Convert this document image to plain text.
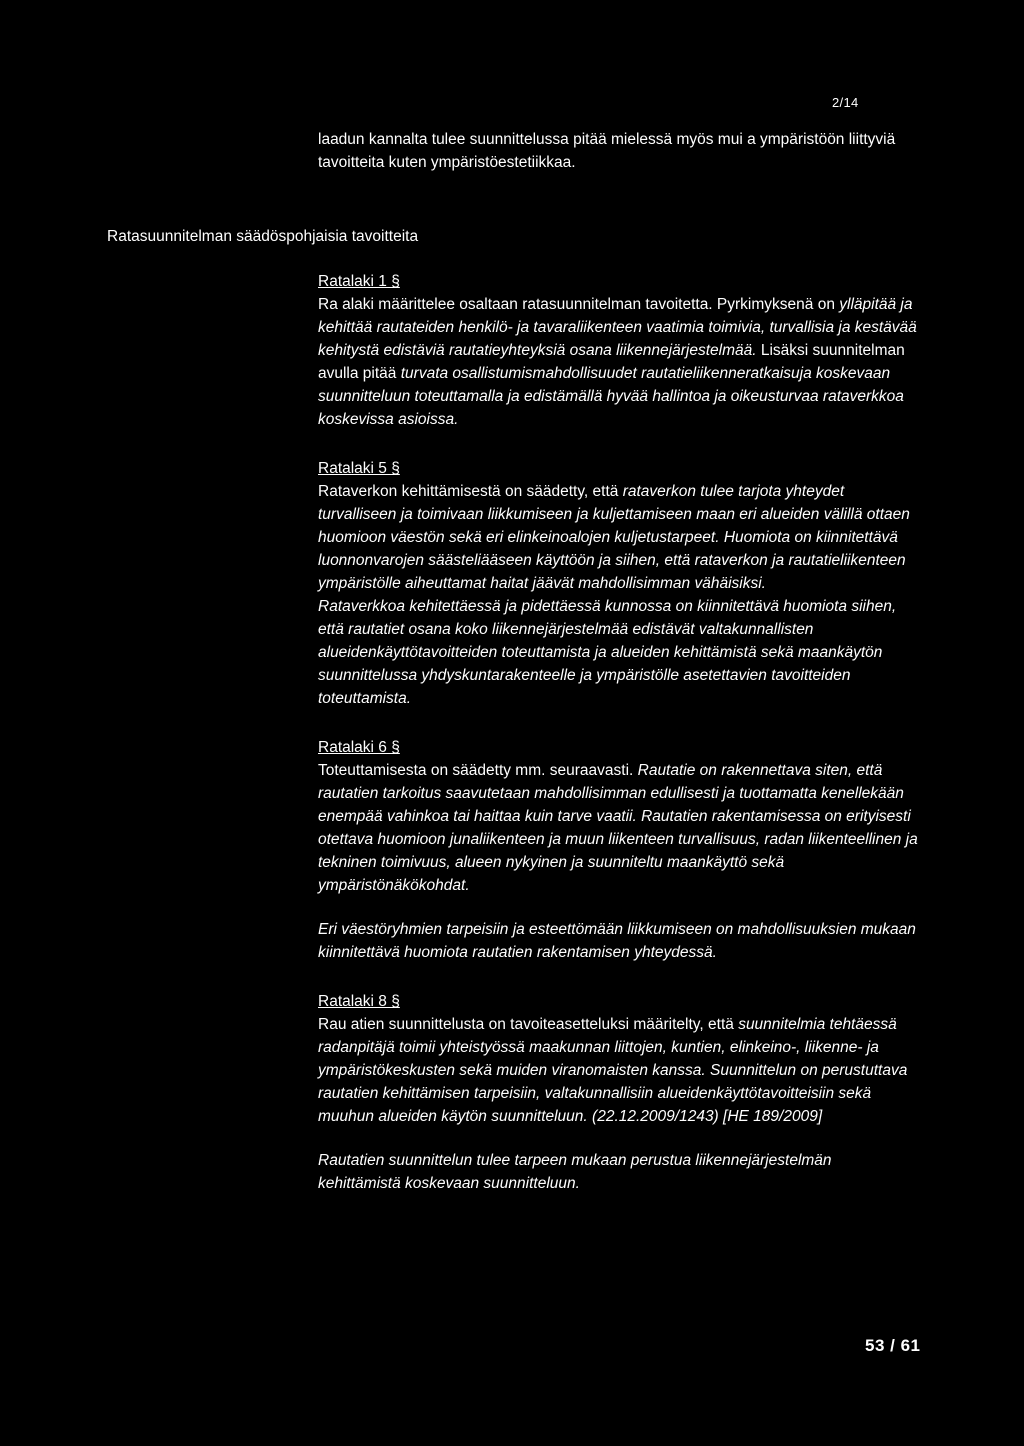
2/14
laadun kannalta tulee suunnittelussa pitää mielessä myös mui a ympäristöön liittyviä tavoitteita kuten ympäristöestetiikkaa.
Ratasuunnitelman säädöspohjaisia tavoitteita
Ratalaki 1 §

Ra alaki määrittelee osaltaan ratasuunnitelman tavoitetta. Pyrkimyksenä on ylläpitää ja kehittää rautateiden henkilö- ja tavaraliikenteen vaatimia toimivia, turvallisia ja kestävää kehitystä edistäviä rautatieyhteyksiä osana liikennejärjestelmää. Lisäksi suunnitelman avulla pitää turvata osallistumismahdollisuudet rautatieliikenneratkaisuja koskevaan suunnitteluun toteuttamalla ja edistämällä hyvää hallintoa ja oikeusturvaa rataverkkoa koskevissa asioissa.

Ratalaki 5 §

Rataverkon kehittämisestä on säädetty, että rataverkon tulee tarjota yhteydet turvalliseen ja toimivaan liikkumiseen ja kuljettamiseen maan eri alueiden välillä ottaen huomioon väestön sekä eri elinkeinoalojen kuljetustarpeet. Huomiota on kiinnitettävä luonnonvarojen säästeliääseen käyttöön ja siihen, että rataverkon ja rautatieliikenteen ympäristölle aiheuttamat haitat jäävät mahdollisimman vähäisiksi.

Rataverkkoa kehitettäessä ja pidettäessä kunnossa on kiinnitettävä huomiota siihen, että rautatiet osana koko liikennejärjestelmää edistävät valtakunnallisten alueidenkäyttötavoitteiden toteuttamista ja alueiden kehittämistä sekä maankäytön suunnittelussa yhdyskuntarakenteelle ja ympäristölle asetettavien tavoitteiden toteuttamista.

Ratalaki 6 §

Toteuttamisesta on säädetty mm. seuraavasti. Rautatie on rakennettava siten, että rautatien tarkoitus saavutetaan mahdollisimman edullisesti ja tuottamatta kenellekään enempää vahinkoa tai haittaa kuin tarve vaatii. Rautatien rakentamisessa on erityisesti otettava huomioon junaliikenteen ja muun liikenteen turvallisuus, radan liikenteellinen ja tekninen toimivuus, alueen nykyinen ja suunniteltu maankäyttö sekä ympäristönäkökohdat.

Eri väestöryhmien tarpeisiin ja esteettömään liikkumiseen on mahdollisuuksien mukaan kiinnitettävä huomiota rautatien rakentamisen yhteydessä.

Ratalaki 8 §

Rau atien suunnittelusta on tavoiteasetteluksi määritelty, että suunnitelmia tehtäessä radanpitäjä toimii yhteistyössä maakunnan liittojen, kuntien, elinkeino-, liikenne- ja ympäristökeskusten sekä muiden viranomaisten kanssa. Suunnittelun on perustuttava rautatien kehittämisen tarpeisiin, valtakunnallisiin alueidenkäyttötavoitteisiin sekä muuhun alueiden käytön suunnitteluun. (22.12.2009/1243) [HE 189/2009]

Rautatien suunnittelun tulee tarpeen mukaan perustua liikennejärjestelmän kehittämistä koskevaan suunnitteluun.

53 / 61
